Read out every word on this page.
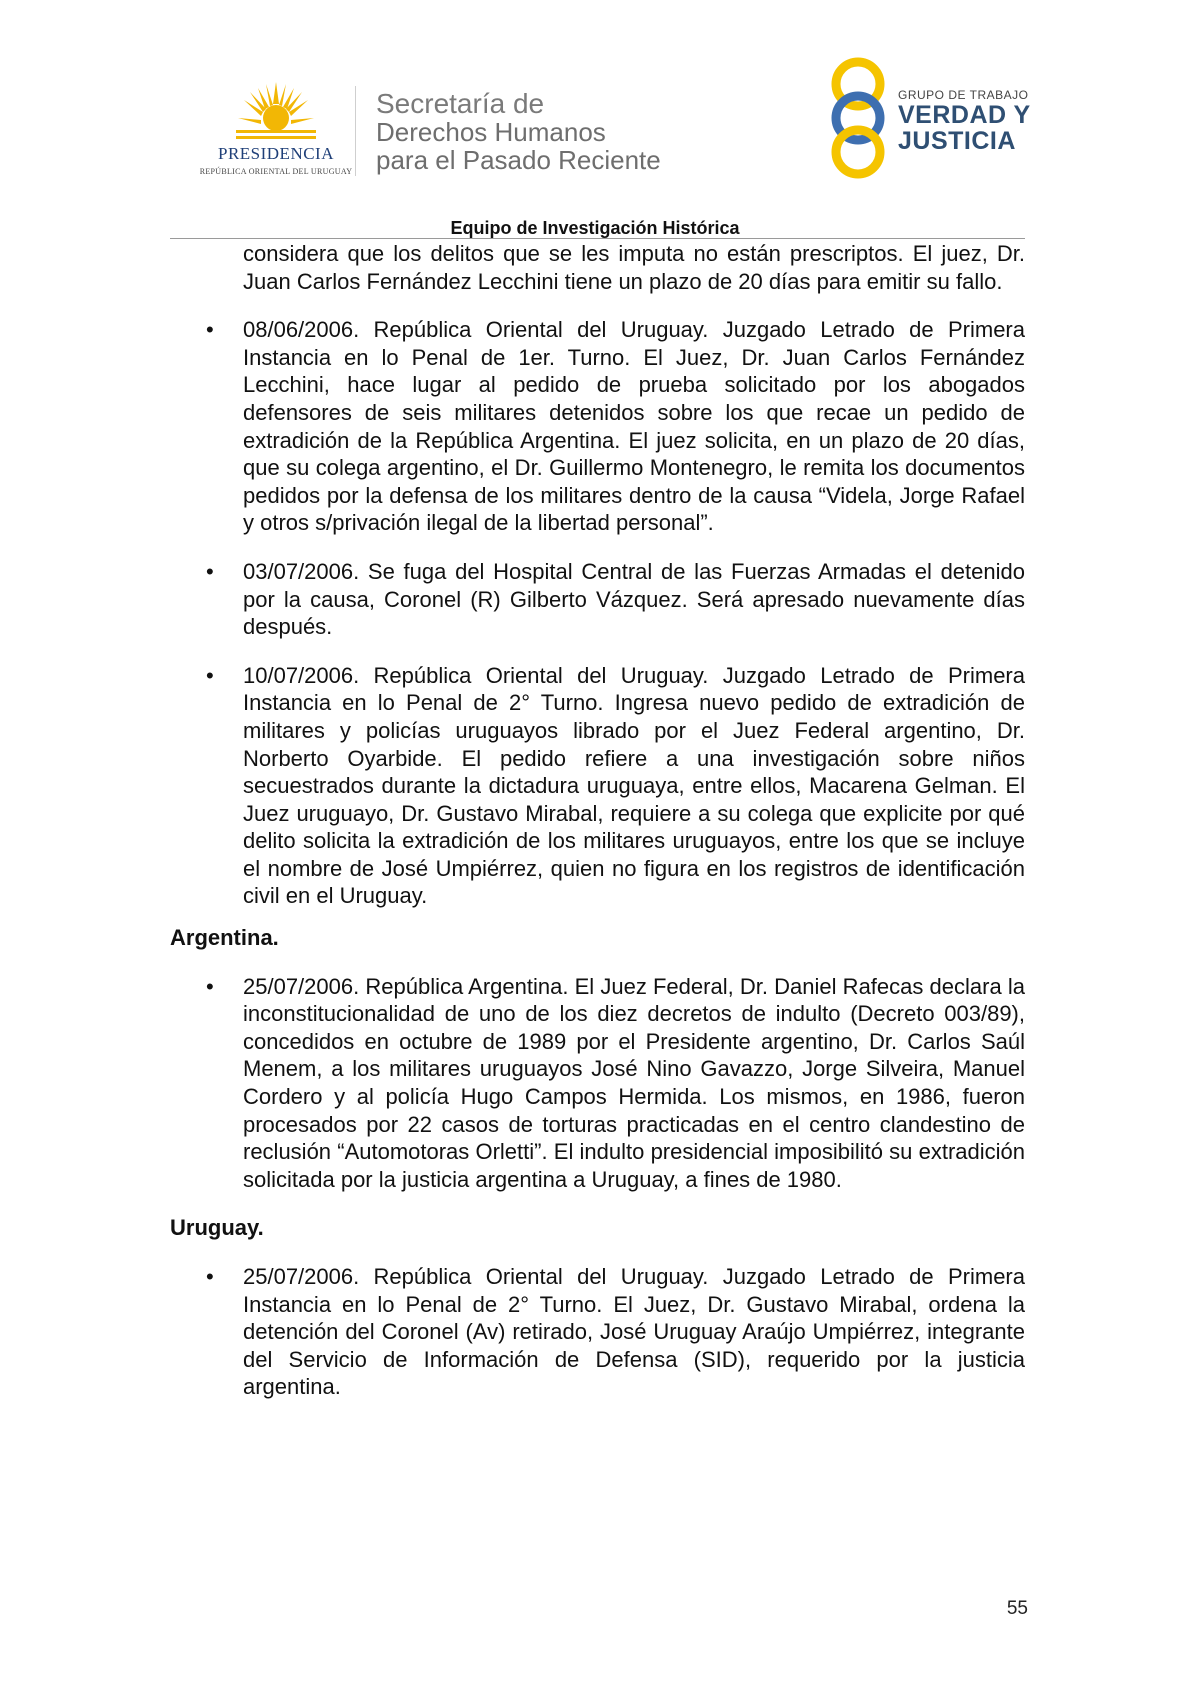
PRESIDENCIA
REPÚBLICA ORIENTAL DEL URUGUAY
Secretaría de
Derechos Humanos
para el Pasado Reciente
GRUPO DE TRABAJO
VERDAD Y
JUSTICIA
Equipo de Investigación Histórica
considera que los delitos que se les imputa no están prescriptos. El juez, Dr. Juan Carlos Fernández Lecchini tiene un plazo de 20 días para emitir su fallo.
• 08/06/2006. República Oriental del Uruguay. Juzgado Letrado de Primera Instancia en lo Penal de 1er. Turno. El Juez, Dr. Juan Carlos Fernández Lecchini, hace lugar al pedido de prueba solicitado por los abogados defensores de seis militares detenidos sobre los que recae un pedido de extradición de la República Argentina. El juez solicita, en un plazo de 20 días, que su colega argentino, el Dr. Guillermo Montenegro, le remita los documentos pedidos por la defensa de los militares dentro de la causa “Videla, Jorge Rafael y otros s/privación ilegal de la libertad personal”.
• 03/07/2006. Se fuga del Hospital Central de las Fuerzas Armadas el detenido por la causa, Coronel (R) Gilberto Vázquez. Será apresado nuevamente días después.
• 10/07/2006. República Oriental del Uruguay. Juzgado Letrado de Primera Instancia en lo Penal de 2° Turno. Ingresa nuevo pedido de extradición de militares y policías uruguayos librado por el Juez Federal argentino, Dr. Norberto Oyarbide. El pedido refiere a una investigación sobre niños secuestrados durante la dictadura uruguaya, entre ellos, Macarena Gelman. El Juez uruguayo, Dr. Gustavo Mirabal, requiere a su colega que explicite por qué delito solicita la extradición de los militares uruguayos, entre los que se incluye el nombre de José Umpiérrez, quien no figura en los registros de identificación civil en el Uruguay.
Argentina.
• 25/07/2006. República Argentina. El Juez Federal, Dr. Daniel Rafecas declara la inconstitucionalidad de uno de los diez decretos de indulto (Decreto 003/89), concedidos en octubre de 1989 por el Presidente argentino, Dr. Carlos Saúl Menem, a los militares uruguayos José Nino Gavazzo, Jorge Silveira, Manuel Cordero y al policía Hugo Campos Hermida. Los mismos, en 1986, fueron procesados por 22 casos de torturas practicadas en el centro clandestino de reclusión “Automotoras Orletti”. El indulto presidencial imposibilitó su extradición solicitada por la justicia argentina a Uruguay, a fines de 1980.
Uruguay.
• 25/07/2006. República Oriental del Uruguay. Juzgado Letrado de Primera Instancia en lo Penal de 2° Turno. El Juez, Dr. Gustavo Mirabal, ordena la detención del Coronel (Av) retirado, José Uruguay Araújo Umpiérrez, integrante del Servicio de Información de Defensa (SID), requerido por la justicia argentina.
55
